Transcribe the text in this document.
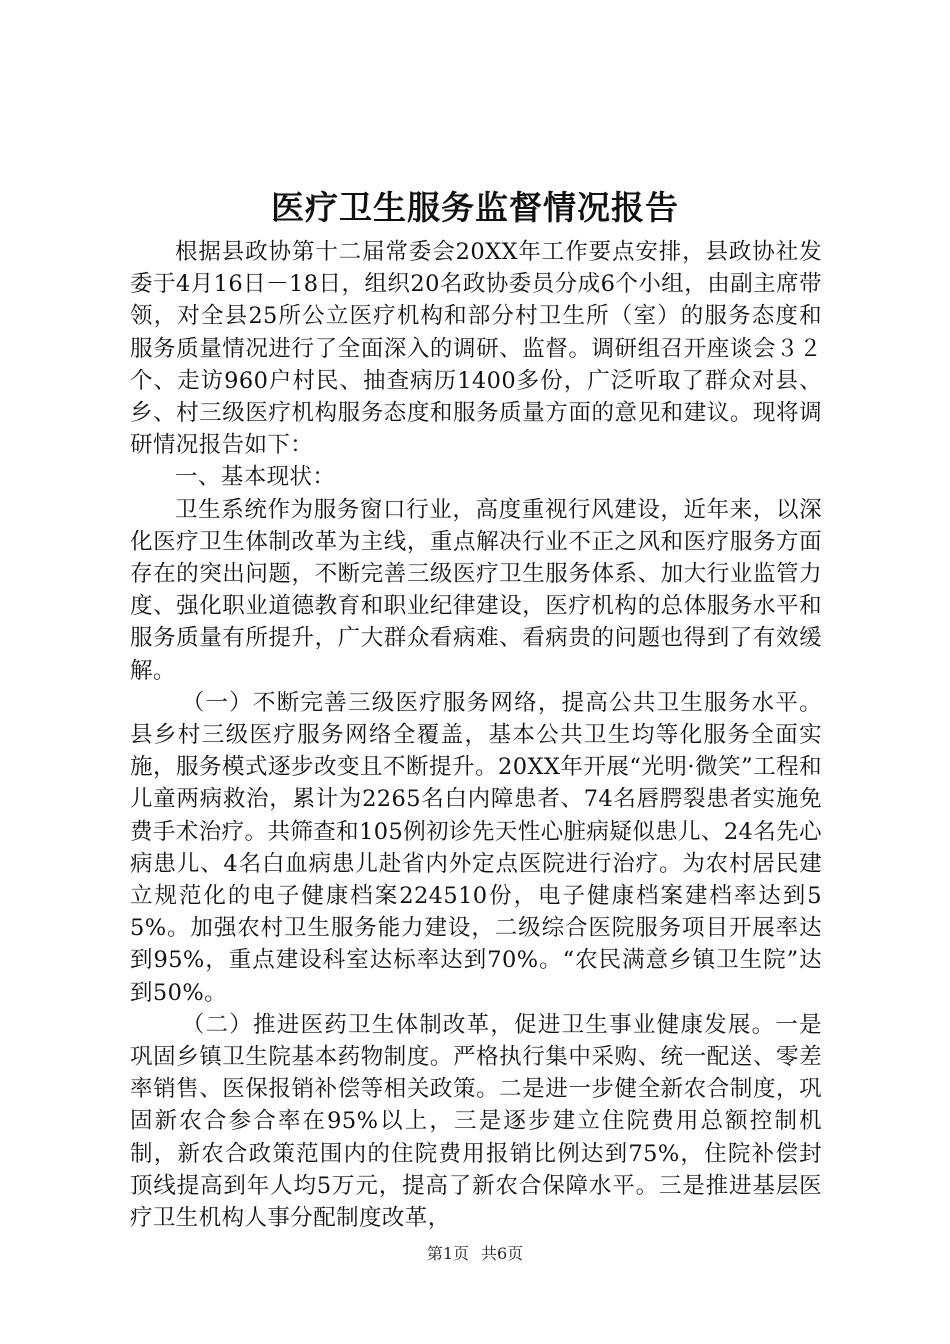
医疗卫生服务监督情况报告

根据县政协第十二届常委会20XX年工作要点安排，县政协社发委于4月16日－18日，组织20名政协委员分成6个小组，由副主席带领，对全县25所公立医疗机构和部分村卫生所（室）的服务态度和服务质量情况进行了全面深入的调研、监督。调研组召开座谈会３２个、走访960户村民、抽查病历1400多份，广泛听取了群众对县、乡、村三级医疗机构服务态度和服务质量方面的意见和建议。现将调研情况报告如下：

一、基本现状：

卫生系统作为服务窗口行业，高度重视行风建设，近年来，以深化医疗卫生体制改革为主线，重点解决行业不正之风和医疗服务方面存在的突出问题，不断完善三级医疗卫生服务体系、加大行业监管力度、强化职业道德教育和职业纪律建设，医疗机构的总体服务水平和服务质量有所提升，广大群众看病难、看病贵的问题也得到了有效缓解。

（一）不断完善三级医疗服务网络，提高公共卫生服务水平。县乡村三级医疗服务网络全覆盖，基本公共卫生均等化服务全面实施，服务模式逐步改变且不断提升。20XX年开展“光明·微笑”工程和儿童两病救治，累计为2265名白内障患者、74名唇腭裂患者实施免费手术治疗。共筛查和105例初诊先天性心脏病疑似患儿、24名先心病患儿、4名白血病患儿赴省内外定点医院进行治疗。为农村居民建立规范化的电子健康档案224510份，电子健康档案建档率达到55%。加强农村卫生服务能力建设，二级综合医院服务项目开展率达到95%，重点建设科室达标率达到70%。“农民满意乡镇卫生院”达到50%。

（二）推进医药卫生体制改革，促进卫生事业健康发展。一是巩固乡镇卫生院基本药物制度。严格执行集中采购、统一配送、零差率销售、医保报销补偿等相关政策。二是进一步健全新农合制度，巩固新农合参合率在95%以上，三是逐步建立住院费用总额控制机制，新农合政策范围内的住院费用报销比例达到75%，住院补偿封顶线提高到年人均5万元，提高了新农合保障水平。三是推进基层医疗卫生机构人事分配制度改革，

第1页 共6页
